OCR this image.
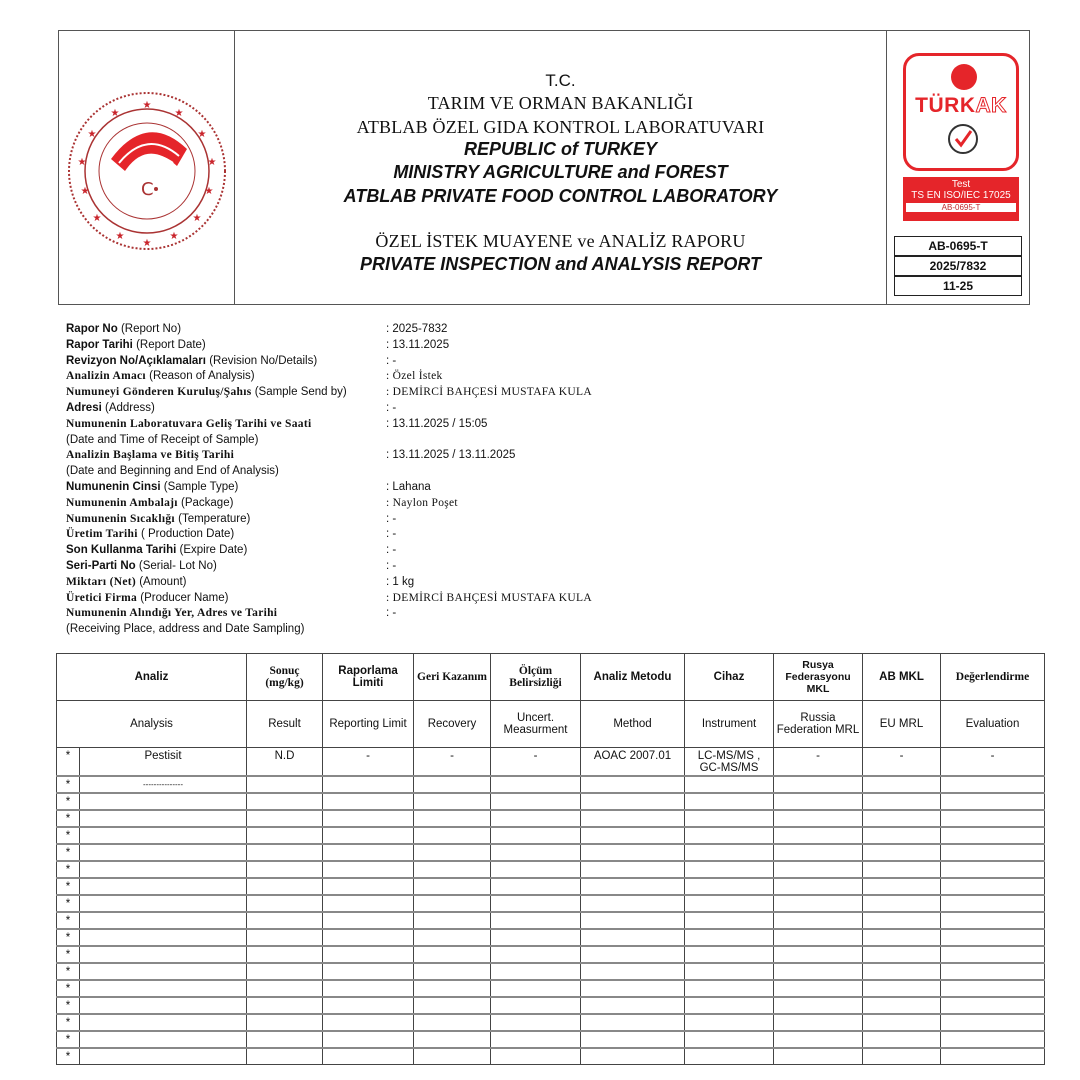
★
★
★
★
★
★
★
★
★
★
★
★
★
★
C
T.C.
TARIM VE ORMAN BAKANLIĞI
ATBLAB ÖZEL GIDA KONTROL LABORATUVARI
REPUBLIC of TURKEY
MINISTRY AGRICULTURE and FOREST
ATBLAB PRIVATE FOOD CONTROL LABORATORY
ÖZEL İSTEK MUAYENE ve ANALİZ RAPORU
PRIVATE INSPECTION and ANALYSIS REPORT
TÜRKAK
Test
TS EN ISO/IEC 17025
AB-0695-T
AB-0695-T
2025/7832
11-25
Rapor No (Report No)	: 2025-7832
Rapor Tarihi (Report Date)	: 13.11.2025
Revizyon No/Açıklamaları (Revision No/Details)	: -
Analizin Amacı (Reason of Analysis)	: Özel İstek
Numuneyi Gönderen Kuruluş/Şahıs (Sample Send by)	: DEMİRCİ BAHÇESİ MUSTAFA KULA
Adresi (Address)	: -
Numunenin Laboratuvara Geliş Tarihi ve Saati
(Date and Time of Receipt of Sample)
: 13.11.2025 / 15:05
Analizin Başlama ve Bitiş Tarihi
(Date and Beginning and End of Analysis)
: 13.11.2025 / 13.11.2025
Numunenin Cinsi (Sample Type)	: Lahana
Numunenin Ambalajı (Package)	: Naylon Poşet
Numunenin Sıcaklığı (Temperature)	: -
Üretim Tarihi ( Production Date)	: -
Son Kullanma Tarihi (Expire Date)	: -
Seri-Parti No (Serial- Lot No)	: -
Miktarı (Net) (Amount)	: 1 kg
Üretici Firma (Producer Name)	: DEMİRCİ BAHÇESİ MUSTAFA KULA
Numunenin Alındığı Yer, Adres ve Tarihi
(Receiving Place, address and Date Sampling)
: -
Analiz		Sonuç (mg/kg)	Raporlama Limiti	Geri Kazanım	Ölçüm Belirsizliği	Analiz Metodu	Cihaz	Rusya Federasyonu MKL	AB MKL	Değerlendirme
Analysis		Result	Reporting Limit	Recovery	Uncert. Measurment	Method	Instrument	Russia Federation MRL	EU MRL	Evaluation
*	Pestisit	N.D	-	-	-	AOAC 2007.01	LC-MS/MS , GC-MS/MS	-	-	-
*	---------------									
*										
*										
*										
*										
*										
*										
*										
*										
*										
*										
*										
*										
*										
*										
*										
*										
